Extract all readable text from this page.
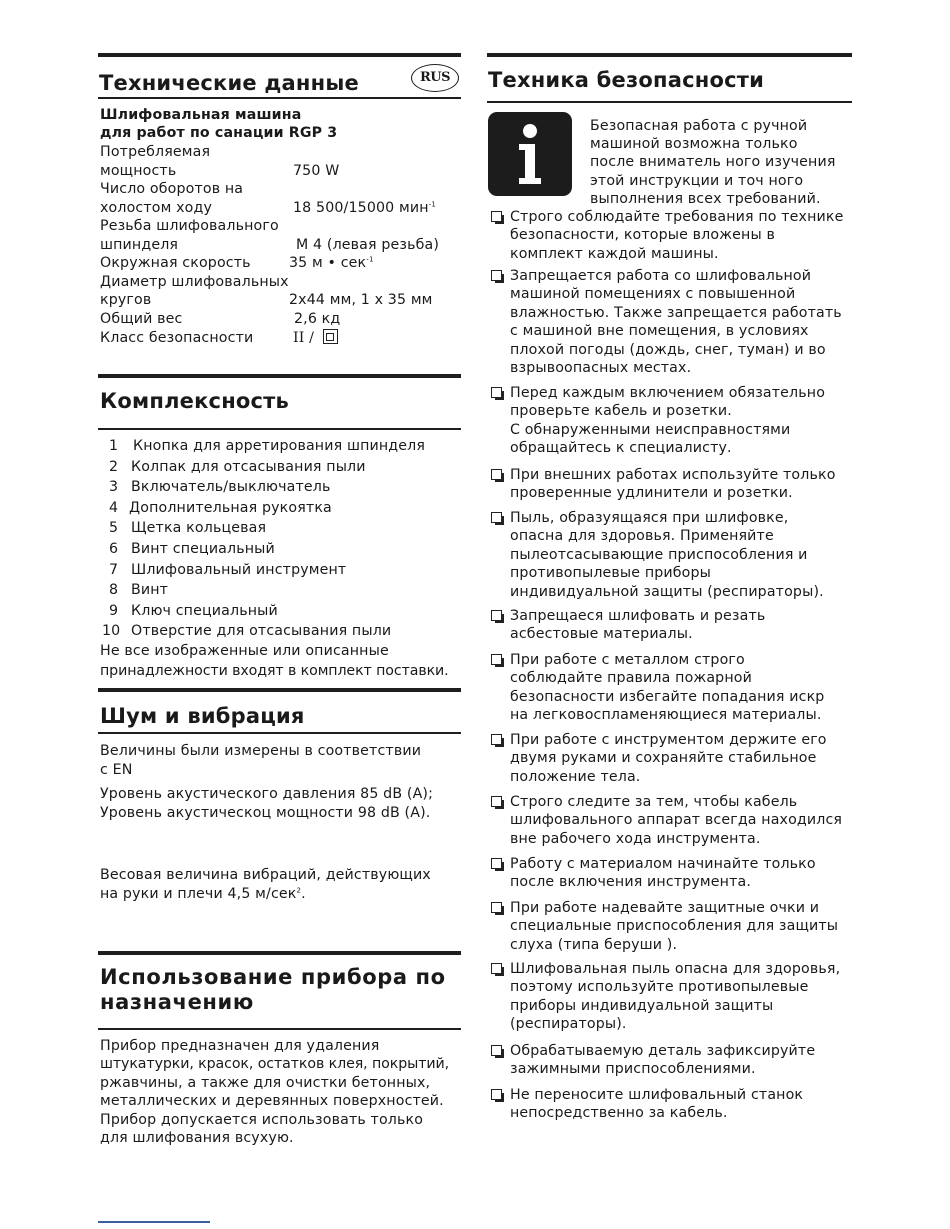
Технические данные	RUS
Шлифовальная машина
для работ по санации RGP 3
Потребляемая
мощность	750 W
Число оборотов на
холостом ходу	18 500/15000 мин$^{-1}$
Резьба шлифовального
шпинделя	M 4 (левая резьба)
Окружная скорость	35 м • сек$^{-1}$
Диаметр шлифовальных
кругов	2х44 мм, 1 х 35 мм
Общий вес	2,6 кд
Класс безопасности	II /
Комплексность
1 Кнопка для арретирования шпинделя
2 Колпак для отсасывания пыли
3 Включатель/выключатель
4 Дополнительная рукоятка
5 Щетка кольцевая
6 Винт специальный
7 Шлифовальный инструмент
8 Винт
9 Ключ специальный
10 Отверстие для отсасывания пыли
Не все изображенные или описанные
принадлежности входят в комплект поставки.
Шум и вибрация
Величины были измерены в соответствии
с EN
Уровень акустического давления 85 dB (A);
Уровень акустическоц мощности 98 dB (A).
Весовая величина вибраций, действующих
на руки и плечи 4,5 м/сек$^2$.
Использование прибора по
назначению
Прибор предназначен для удаления
штукатурки, красок, остатков клея, покрытий,
ржавчины, а также для очистки бетонных,
металлических и деревянных поверхностей.
Прибор допускается использовать только
для шлифования всухую.
Техника безопасности
Безопасная работа с ручной
машиной возможна только
после вниматель ного изучения
этой инструкции и точ ного
выполнения всех требований.
Строго соблюдайте требования по технике
безопасности, которые вложены в
комплект каждой машины.
Запрещается работа со шлифовальной
машиной помещениях с повышенной
влажностью. Также запрещается работать
с машиной вне помещения, в условиях
плохой погоды (дождь, снег, туман) и во
взрывоопасных местах.
Перед каждым включением обязательно
проверьте кабель и розетки.
С обнаруженными неисправностями
обращайтесь к специалисту.
При внешних работах используйте только
проверенные удлинители и розетки.
Пыль, образуящаяся при шлифовке,
опасна для здоровья. Применяйте
пылеотсасывающие приспособления и
противопылевые приборы
индивидуальной защиты (респираторы).
Запрещаеся шлифовать и резать
асбестовые материалы.
При работе с металлом строго
соблюдайте правила пожарной
безопасности избегайте попадания искр
на легковоспламеняющиеся материалы.
При работе с инструментом держите его
двумя руками и сохраняйте стабильное
положение тела.
Строго следите за тем, чтобы кабель
шлифовального аппарат всегда находился
вне рабочего хода инструмента.
Работу с материалом начинайте только
после включения инструмента.
При работе надевайте защитные очки и
специальные приспособления для защиты
слуха (типа беруши ).
Шлифовальная пыль опасна для здоровья,
поэтому используйте противопылевые
приборы индивидуальной защиты
(респираторы).
Обрабатываемую деталь зафиксируйте
зажимными приспособлениями.
Не переносите шлифовальный станок
непосредственно за кабель.
